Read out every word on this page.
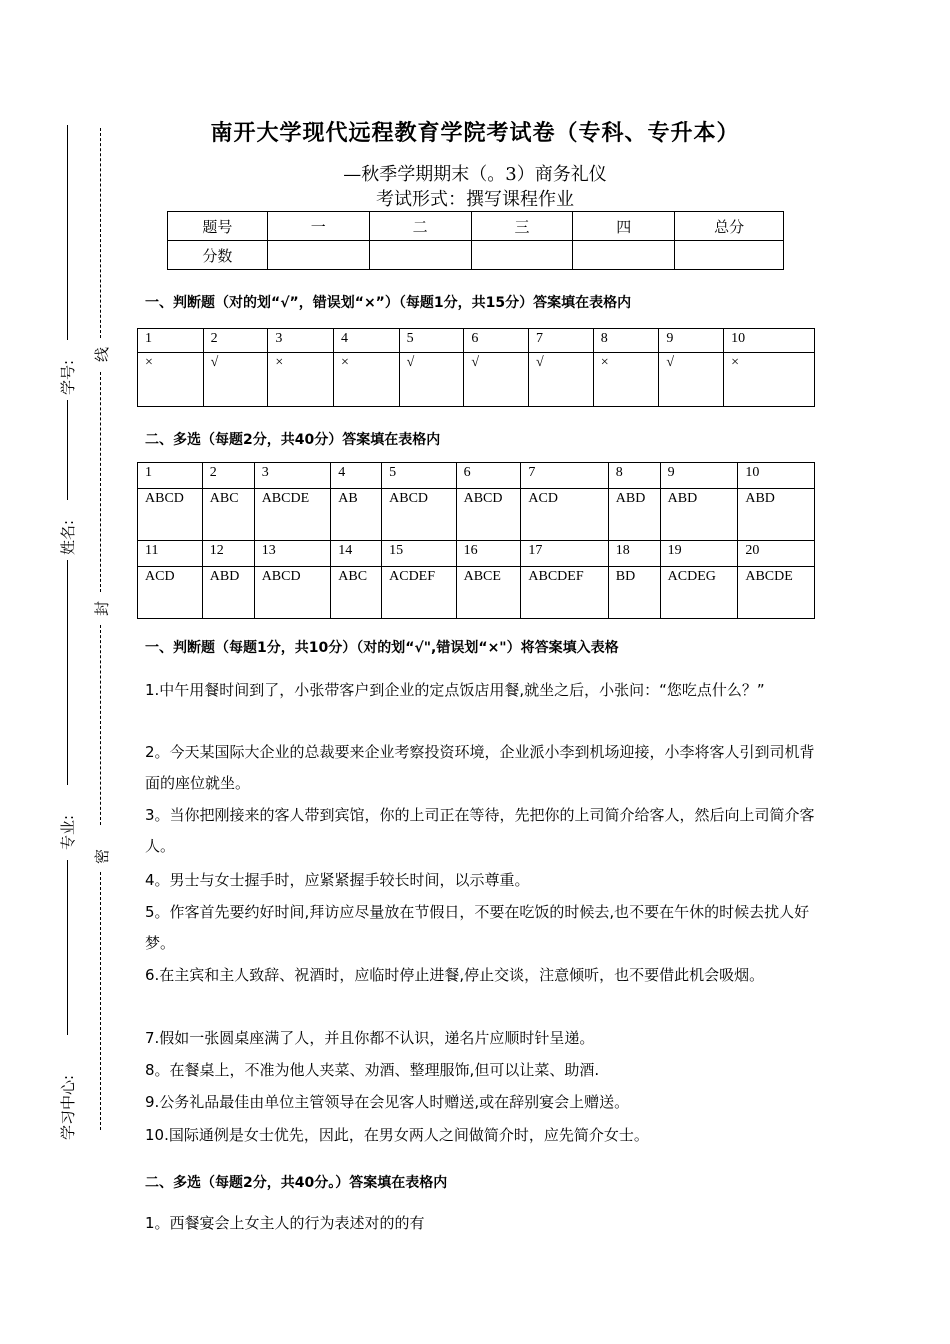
线
封
密
学号:
姓名:
专业:
学习中心:
南开大学现代远程教育学院考试卷（专科、专升本）
—秋季学期期末（。3）商务礼仪
考试形式：撰写课程作业
题号	一	二	三	四	总分
分数					
一、判断题（对的划“√”，错误划“×”）（每题1分，共15分）答案填在表格内
1	2	3	4	5	6	7	8	9	10
×	√	×	×	√	√	√	×	√	×
二、多选（每题2分，共40分）答案填在表格内
1	2	3	4	5	6	7	8	9	10
ABCD	ABC	ABCDE	AB	ABCD	ABCD	ACD	ABD	ABD	ABD
11	12	13	14	15	16	17	18	19	20
ACD	ABD	ABCD	ABC	ACDEF	ABCE	ABCDEF	BD	ACDEG	ABCDE
一、判断题（每题1分，共10分）（对的划“√",错误划“×"）将答案填入表格
1.中午用餐时间到了，小张带客户到企业的定点饭店用餐,就坐之后，小张问：“您吃点什么？”
2。今天某国际大企业的总裁要来企业考察投资环境，企业派小李到机场迎接，小李将客人引到司机背面的座位就坐。
3。当你把刚接来的客人带到宾馆，你的上司正在等待，先把你的上司简介给客人，然后向上司简介客人。
4。男士与女士握手时，应紧紧握手较长时间，以示尊重。
5。作客首先要约好时间,拜访应尽量放在节假日，不要在吃饭的时候去,也不要在午休的时候去扰人好梦。
6.在主宾和主人致辞、祝酒时，应临时停止进餐,停止交谈，注意倾听，也不要借此机会吸烟。
7.假如一张圆桌座满了人，并且你都不认识，递名片应顺时针呈递。
8。在餐桌上，不准为他人夹菜、劝酒、整理服饰,但可以让菜、助酒.
9.公务礼品最佳由单位主管领导在会见客人时赠送,或在辞别宴会上赠送。
10.国际通例是女士优先，因此，在男女两人之间做简介时，应先简介女士。
二、多选（每题2分，共40分。）答案填在表格内
1。西餐宴会上女主人的行为表述对的的有
